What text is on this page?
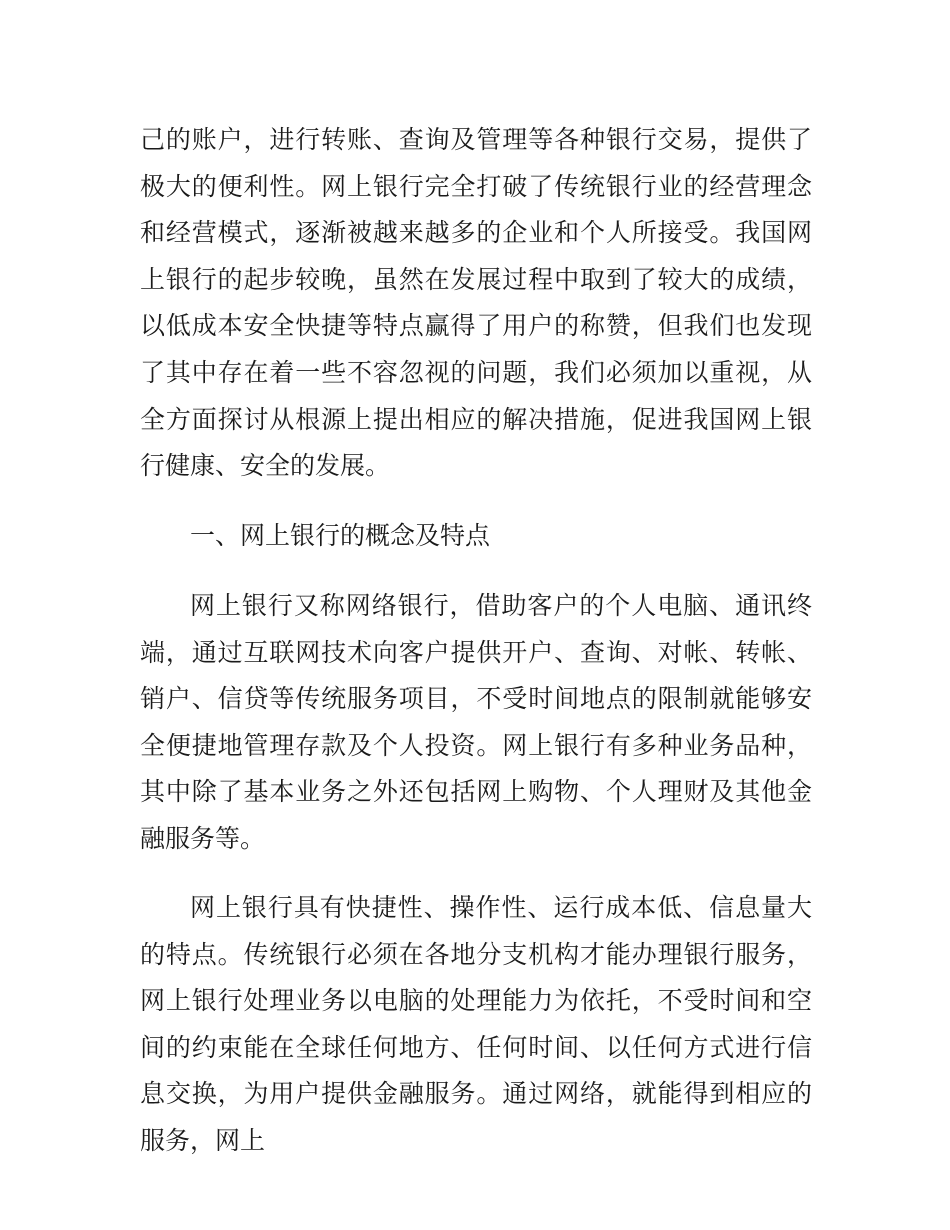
己的账户，进行转账、查询及管理等各种银行交易，提供了极大的便利性。网上银行完全打破了传统银行业的经营理念和经营模式，逐渐被越来越多的企业和个人所接受。我国网上银行的起步较晚，虽然在发展过程中取到了较大的成绩，以低成本安全快捷等特点赢得了用户的称赞，但我们也发现了其中存在着一些不容忽视的问题，我们必须加以重视，从全方面探讨从根源上提出相应的解决措施，促进我国网上银行健康、安全的发展。

一、网上银行的概念及特点

网上银行又称网络银行，借助客户的个人电脑、通讯终端，通过互联网技术向客户提供开户、查询、对帐、转帐、销户、信贷等传统服务项目，不受时间地点的限制就能够安全便捷地管理存款及个人投资。网上银行有多种业务品种，其中除了基本业务之外还包括网上购物、个人理财及其他金融服务等。

网上银行具有快捷性、操作性、运行成本低、信息量大的特点。传统银行必须在各地分支机构才能办理银行服务，网上银行处理业务以电脑的处理能力为依托，不受时间和空间的约束能在全球任何地方、任何时间、以任何方式进行信息交换，为用户提供金融服务。通过网络，就能得到相应的服务，网上
